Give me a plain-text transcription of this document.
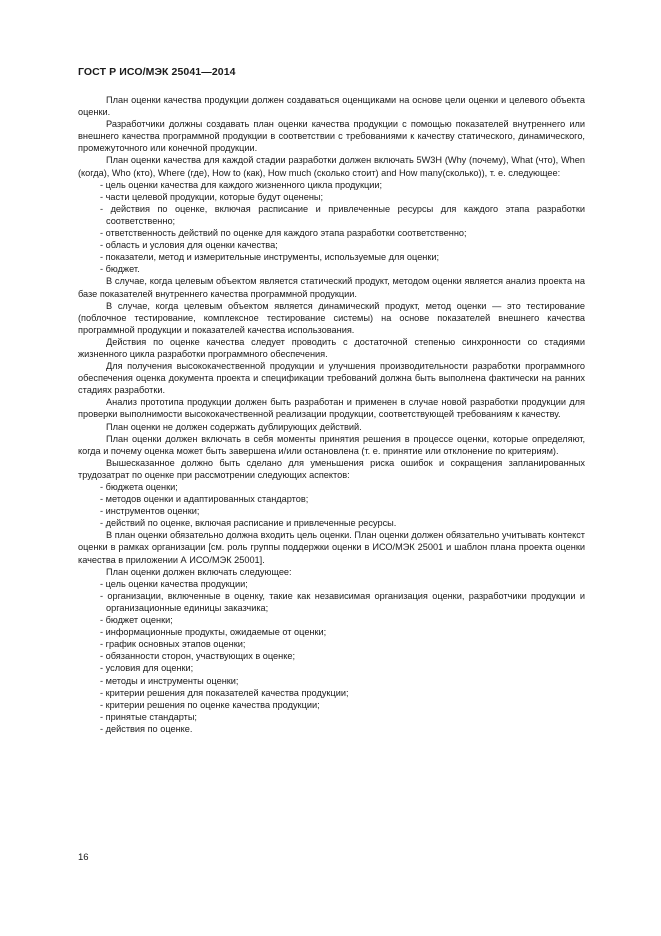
ГОСТ Р ИСО/МЭК 25041—2014

План оценки качества продукции должен создаваться оценщиками на основе цели оценки и целевого объекта оценки.

Разработчики должны создавать план оценки качества продукции с помощью показателей внутреннего или внешнего качества программной продукции в соответствии с требованиями к качеству статического, динамического, промежуточного или конечной продукции.

План оценки качества для каждой стадии разработки должен включать 5W3H (Why (почему), What (что), When (когда), Who (кто), Where (где), How to (как), How much (сколько стоит) and How many(сколько)), т. е. следующее:

- цель оценки качества для каждого жизненного цикла продукции;

- части целевой продукции, которые будут оценены;

- действия по оценке, включая расписание и привлеченные ресурсы для каждого этапа разработки соответственно;

- ответственность действий по оценке для каждого этапа разработки соответственно;

- область и условия для оценки качества;

- показатели, метод и измерительные инструменты, используемые для оценки;

- бюджет.

В случае, когда целевым объектом является статический продукт, методом оценки является анализ проекта на базе показателей внутреннего качества программной продукции.

В случае, когда целевым объектом является динамический продукт, метод оценки — это тестирование (поблочное тестирование, комплексное тестирование системы) на основе показателей внешнего качества программной продукции и показателей качества использования.

Действия по оценке качества следует проводить с достаточной степенью синхронности со стадиями жизненного цикла разработки программного обеспечения.

Для получения высококачественной продукции и улучшения производительности разработки программного обеспечения оценка документа проекта и спецификации требований должна быть выполнена фактически на ранних стадиях разработки.

Анализ прототипа продукции должен быть разработан и применен в случае новой разработки продукции для проверки выполнимости высококачественной реализации продукции, соответствующей требованиям к качеству.

План оценки не должен содержать дублирующих действий.

План оценки должен включать в себя моменты принятия решения в процессе оценки, которые определяют, когда и почему оценка может быть завершена и/или остановлена (т. е. принятие или отклонение по критериям).

Вышесказанное должно быть сделано для уменьшения риска ошибок и сокращения запланированных трудозатрат по оценке при рассмотрении следующих аспектов:

- бюджета оценки;

- методов оценки и адаптированных стандартов;

- инструментов оценки;

- действий по оценке, включая расписание и привлеченные ресурсы.

В план оценки обязательно должна входить цель оценки. План оценки должен обязательно учитывать контекст оценки в рамках организации [см. роль группы поддержки оценки в ИСО/МЭК 25001 и шаблон плана проекта оценки качества в приложении А ИСО/МЭК 25001].

План оценки должен включать следующее:

- цель оценки качества продукции;

- организации, включенные в оценку, такие как независимая организация оценки, разработчики продукции и организационные единицы заказчика;

- бюджет оценки;

- информационные продукты, ожидаемые от оценки;

- график основных этапов оценки;

- обязанности сторон, участвующих в оценке;

- условия для оценки;

- методы и инструменты оценки;

- критерии решения для показателей качества продукции;

- критерии решения по оценке качества продукции;

- принятые стандарты;

- действия по оценке.

16
